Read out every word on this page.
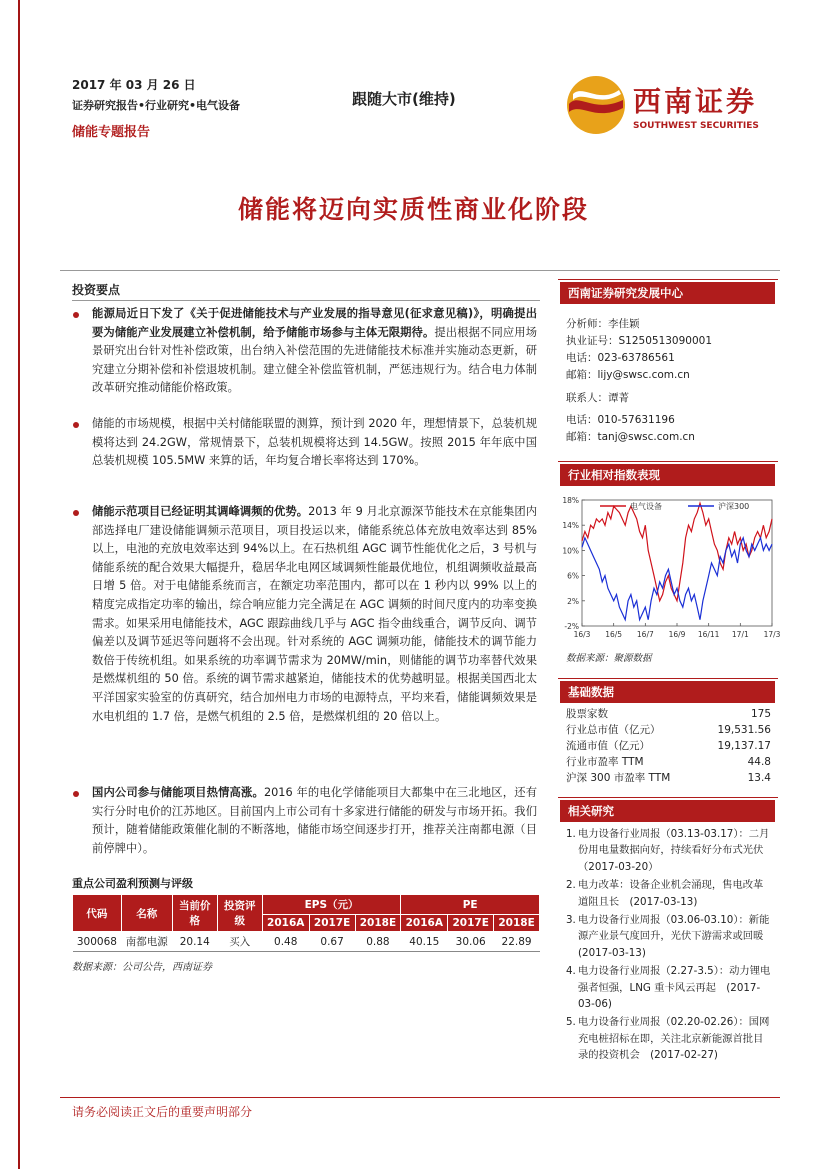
2017 年 03 月 26 日
证券研究报告•行业研究•电气设备
储能专题报告
跟随大市(维持)	西南证券
SOUTHWEST SECURITIES
储能将迈向实质性商业化阶段
投资要点
能源局近日下发了《关于促进储能技术与产业发展的指导意见(征求意见稿)》，明确提出要为储能产业发展建立补偿机制，给予储能市场参与主体无限期待。提出根据不同应用场景研究出台针对性补偿政策，出台纳入补偿范围的先进储能技术标准并实施动态更新，研究建立分期补偿和补偿退坡机制。建立健全补偿监管机制，严惩违规行为。结合电力体制改革研究推动储能价格政策。
储能的市场规模，根据中关村储能联盟的测算，预计到 2020 年，理想情景下，总装机规模将达到 24.2GW，常规情景下，总装机规模将达到 14.5GW。按照 2015 年年底中国总装机规模 105.5MW 来算的话，年均复合增长率将达到 170%。
储能示范项目已经证明其调峰调频的优势。2013 年 9 月北京源深节能技术在京能集团内部选择电厂建设储能调频示范项目，项目投运以来，储能系统总体充放电效率达到 85%以上，电池的充放电效率达到 94%以上。在石热机组 AGC 调节性能优化之后，3 号机与储能系统的配合效果大幅提升，稳居华北电网区域调频性能最优地位，机组调频收益最高日增 5 倍。对于电储能系统而言，在额定功率范围内，都可以在 1 秒内以 99% 以上的精度完成指定功率的输出，综合响应能力完全满足在 AGC 调频的时间尺度内的功率变换需求。如果采用电储能技术，AGC 跟踪曲线几乎与 AGC 指令曲线重合，调节反向、调节偏差以及调节延迟等问题将不会出现。针对系统的 AGC 调频功能，储能技术的调节能力数倍于传统机组。如果系统的功率调节需求为 20MW/min，则储能的调节功率替代效果是燃煤机组的 50 倍。系统的调节需求越紧迫，储能技术的优势越明显。根据美国西北太平洋国家实验室的仿真研究，结合加州电力市场的电源特点，平均来看，储能调频效果是水电机组的 1.7 倍，是燃气机组的 2.5 倍，是燃煤机组的 20 倍以上。
国内公司参与储能项目热情高涨。2016 年的电化学储能项目大都集中在三北地区，还有实行分时电价的江苏地区。目前国内上市公司有十多家进行储能的研发与市场开拓。我们预计，随着储能政策催化制的不断落地，储能市场空间逐步打开，推荐关注南都电源（目前停牌中）。
重点公司盈利预测与评级
代码	名称	当前价格	投资评级	EPS（元）			PE		
				2016A	2017E	2018E	2016A	2017E	2018E
300068	南都电源	20.14	买入	0.48	0.67	0.88	40.15	30.06	22.89
数据来源：公司公告，西南证券
西南证券研究发展中心
分析师：李佳颖
执业证号：S1250513090001
电话：023-63786561
邮箱：lijy@swsc.com.cn
联系人：谭菁
电话：010-57631196
邮箱：tanj@swsc.com.cn
行业相对指数表现
-2%
2%
6%
10%
14%
18%
16/3 16/5 16/7 16/9 16/11 17/1 17/3
电气设备	沪深300
数据来源：聚源数据
基础数据
股票家数	175
行业总市值（亿元）	19,531.56
流通市值（亿元）	19,137.17
行业市盈率 TTM	44.8
沪深 300 市盈率 TTM	13.4
相关研究
1. 电力设备行业周报（03.13-03.17）：二月份用电量数据向好，持续看好分布式光伏　（2017-03-20）
2. 电力改革：设备企业机会涌现，售电改革道阻且长　(2017-03-13)
3. 电力设备行业周报（03.06-03.10）：新能源产业景气度回升，光伏下游需求或回暖　(2017-03-13)
4. 电力设备行业周报（2.27-3.5）：动力锂电强者恒强，LNG 重卡风云再起　(2017-03-06)
5. 电力设备行业周报（02.20-02.26）：国网充电桩招标在即，关注北京新能源首批目录的投资机会　(2017-02-27)
请务必阅读正文后的重要声明部分
